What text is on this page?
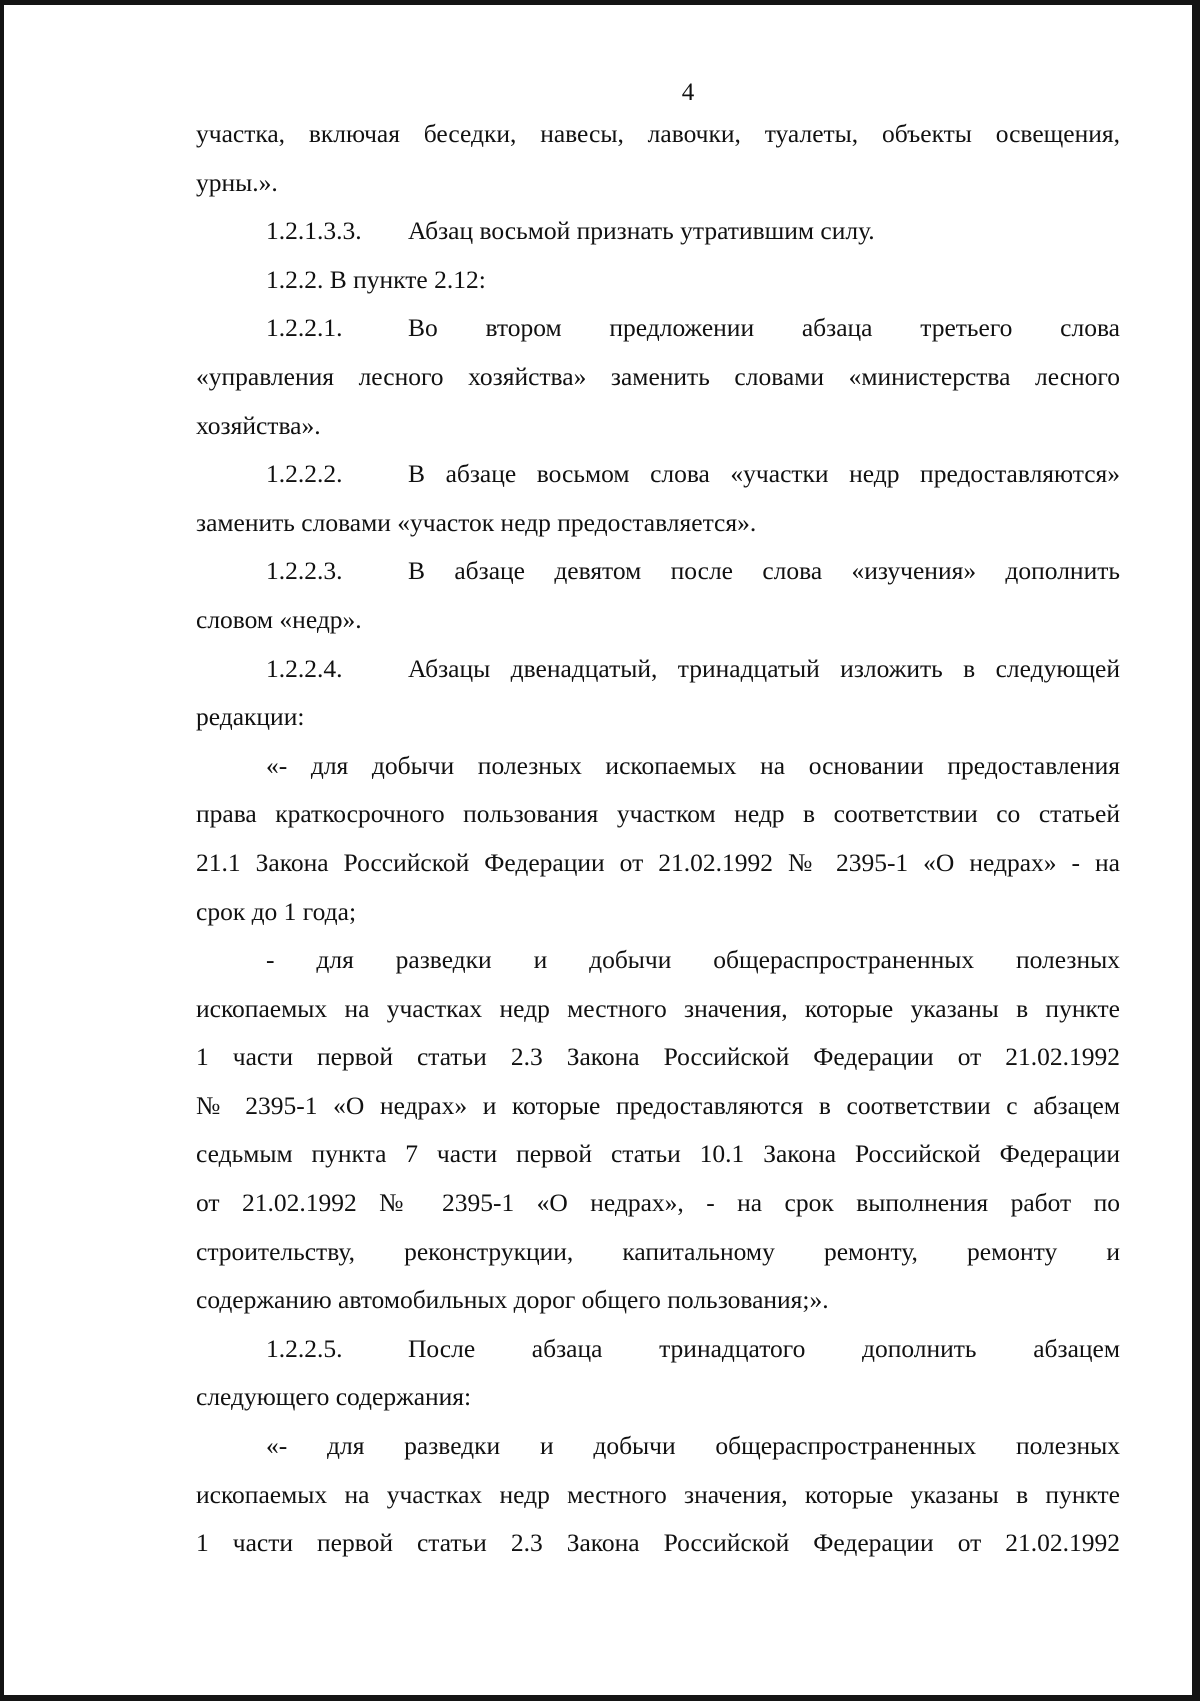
4
участка, включая беседки, навесы, лавочки, туалеты, объекты освещения,
урны.».
1.2.1.3.3.	Абзац восьмой признать утратившим силу.
1.2.2. В пункте 2.12:
1.2.2.1.	Во втором предложении абзаца третьего слова
«управления лесного хозяйства» заменить словами «министерства лесного
хозяйства».
1.2.2.2.	В абзаце восьмом слова «участки недр предоставляются»
заменить словами «участок недр предоставляется».
1.2.2.3.	В абзаце девятом после слова «изучения» дополнить
словом «недр».
1.2.2.4.	Абзацы двенадцатый, тринадцатый изложить в следующей
редакции:
«- для добычи полезных ископаемых на основании предоставления
права краткосрочного пользования участком недр в соответствии со статьей
21.1 Закона Российской Федерации от 21.02.1992 № 2395-1 «О недрах» - на
срок до 1 года;
- для разведки и добычи общераспространенных полезных
ископаемых на участках недр местного значения, которые указаны в пункте
1 части первой статьи 2.3 Закона Российской Федерации от 21.02.1992
№ 2395-1 «О недрах» и которые предоставляются в соответствии с абзацем
седьмым пункта 7 части первой статьи 10.1 Закона Российской Федерации
от 21.02.1992 № 2395-1 «О недрах», - на срок выполнения работ по
строительству, реконструкции, капитальному ремонту, ремонту и
содержанию автомобильных дорог общего пользования;».
1.2.2.5.	После абзаца тринадцатого дополнить абзацем
следующего содержания:
«- для разведки и добычи общераспространенных полезных
ископаемых на участках недр местного значения, которые указаны в пункте
1 части первой статьи 2.3 Закона Российской Федерации от 21.02.1992
